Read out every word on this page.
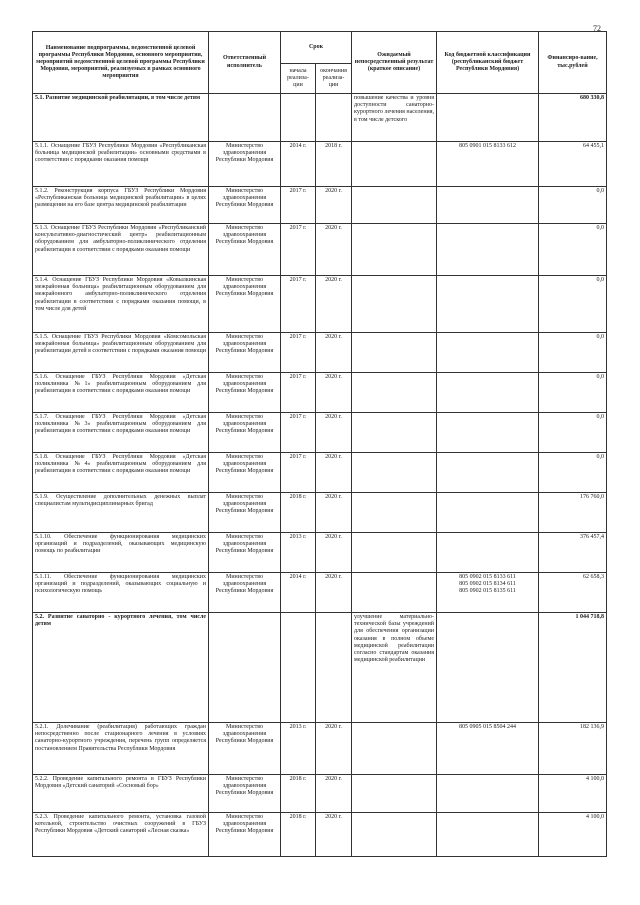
72
Наименование подпрограммы, ведомственной целевой программы Республики Мордовия, основного мероприятия, мероприятий ведомственной целевой программы Республики Мордовия, мероприятий, реализуемых в рамках основного мероприятия	Ответственный исполнитель	Срок		Ожидаемый непосредственный результат (краткое описание)	Код бюджетной классификации (республиканский бюджет Республики Мордовия)	Финансиро-вание, тыс.рублей
		начала реализа-ции	окончания реализа-ции			
5.1. Развитие медицинской реабилитации, в том числе детям				повышение качества и уровня доступности санаторно-курортного лечения населения, в том числе детского		680 330,8
5.1.1. Оснащение ГБУЗ Республики Мордовия «Республиканская больница медицинской реабилитации» основными средствами в соответствии с порядками оказания помощи	Министерство здравоохранения Республики Мордовия	2014 г.	2018 г.		805 0901 015 8133 612	64 455,1
5.1.2. Реконструкция корпуса ГБУЗ Республики Мордовия «Республиканская больница медицинской реабилитации» в целях размещения на его базе центра медицинской реабилитации	Министерство здравоохранения Республики Мордовия	2017 г.	2020 г.			0,0
5.1.3. Оснащение ГБУЗ Республики Мордовия «Республиканский консультативно-диагностический центр» реабилитационным оборудованием для амбулаторно-поликлинического отделения реабилитации в соответствии с порядками оказания помощи	Министерство здравоохранения Республики Мордовия	2017 г.	2020 г.			0,0
5.1.4. Оснащение ГБУЗ Республики Мордовия «Ковылкинская межрайонная больница» реабилитационным оборудованием для межрайонного амбулаторно-поликлинического отделения реабилитации в соответствии с порядками оказания помощи, в том числе для детей	Министерство здравоохранения Республики Мордовия	2017 г.	2020 г.			0,0
5.1.5. Оснащение ГБУЗ Республики Мордовия «Комсомольская межрайонная больница» реабилитационным оборудованием для реабилитации детей в соответствии с порядками оказания помощи	Министерство здравоохранения Республики Мордовия	2017 г.	2020 г.			0,0
5.1.6. Оснащение ГБУЗ Республики Мордовия «Детская поликлиника №1» реабилитационным оборудованием для реабилитации в соответствии с порядками оказания помощи	Министерство здравоохранения Республики Мордовия	2017 г.	2020 г.			0,0
5.1.7. Оснащение ГБУЗ Республики Мордовия «Детская поликлиника №3» реабилитационным оборудованием для реабилитации в соответствии с порядками оказания помощи	Министерство здравоохранения Республики Мордовия	2017 г.	2020 г.			0,0
5.1.8. Оснащение ГБУЗ Республики Мордовия «Детская поликлиника №4» реабилитационным оборудованием для реабилитации в соответствии с порядками оказания помощи	Министерство здравоохранения Республики Мордовия	2017 г.	2020 г.			0,0
5.1.9. Осуществление дополнительных денежных выплат специалистам мультидисциплинарных бригад	Министерство здравоохранения Республики Мордовия	2018 г.	2020 г.			176 760,0
5.1.10. Обеспечение функционирования медицинских организаций и подразделений, оказывающих медицинскую помощь по реабилитации	Министерство здравоохранения Республики Мордовия	2013 г.	2020 г.			376 457,4
5.1.11. Обеспечение функционирования медицинских организаций и подразделений, оказывающих социальную и психологическую помощь	Министерство здравоохранения Республики Мордовия	2014 г.	2020 г.		805 0902 015 8133 611
805 0902 015 8134 611
805 0902 015 8135 611	62 658,3
5.2. Развитие санаторно - курортного лечения, том числе детям				улучшение материально-технической базы учреждений для обеспечения организации оказания в полном объеме медицинской реабилитации согласно стандартам оказания медицинской реабилитации		1 044 718,8
5.2.1. Долечивание (реабилитация) работающих граждан непосредственно после стационарного лечения в условиях санаторно-курортного учреждения, перечень групп определяется постановлением Правительства Республики Мордовия	Министерство здравоохранения Республики Мордовия	2013 г.	2020 г.		805 0905 015 8504 244	182 136,9
5.2.2. Проведение капитального ремонта в ГБУЗ Республики Мордовия «Детский санаторий «Сосновый бор»	Министерство здравоохранения Республики Мордовия	2018 г.	2020 г.			4 100,0
5.2.3. Проведение капитального ремонта, установка газовой котельной, строительство очистных сооружений в ГБУЗ Республики Мордовия «Детский санаторий «Лесная сказка»	Министерство здравоохранения Республики Мордовия	2018 г.	2020 г.			4 100,0
